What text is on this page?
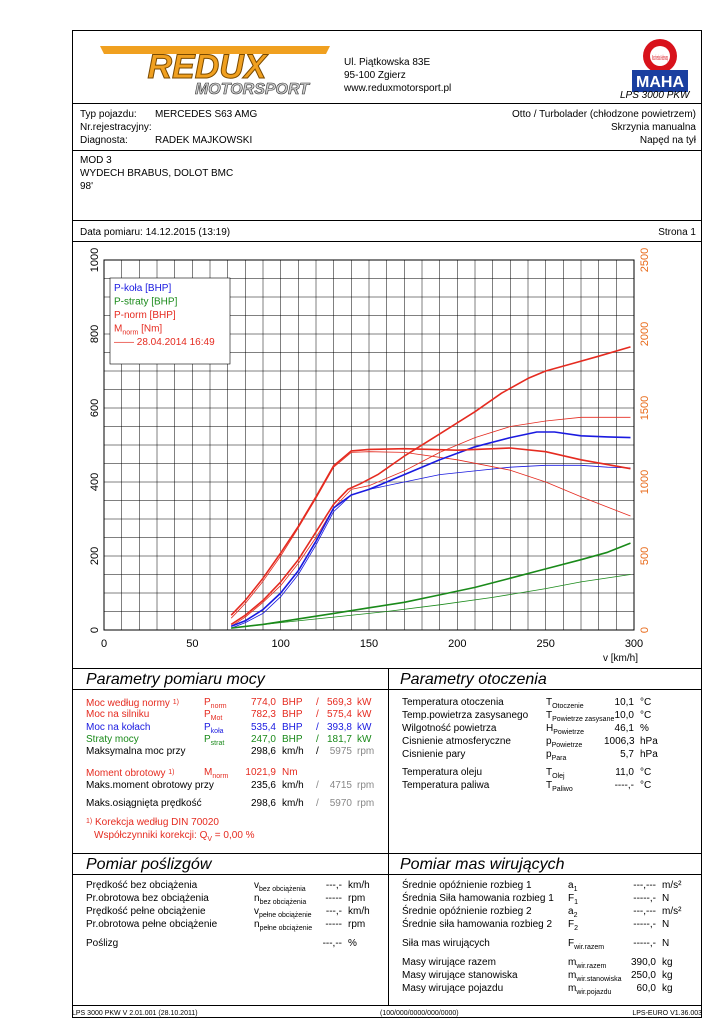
REDUX
MOTORSPORT
Ul. Piątkowska 83E
95-100 Zgierz
www.reduxmotorsport.pl
Maschinenbau Haldenwang
MAHA
LPS 3000 PKW
Typ pojazdu: MERCEDES S63 AMG
Nr.rejestracyjny:
Diagnosta:	RADEK MAJKOWSKI
Otto / Turbolader (chłodzone powietrzem)
Skrzynia manualna
Napęd na tył
MOD 3
WYDECH BRABUS, DOLOT BMC
98'
Data pomiaru: 14.12.2015 (13:19)	Strona 1
0	50	100	150	200	250	300
v [km/h]
0
200
400
600
800
1000
0
500
1000
1500
2000
2500
P-koła [BHP]
P-straty [BHP]
P-norm [BHP]
$M_{norm}$ [Nm]
—— 28.04.2014 16:49
Parametry pomiaru mocy	Parametry otoczenia
Moc według normy $^{1)}$	$P_{norm}$	774,0 BHP / 569,3 kW
Moc na silniku	$P_{Mot}$	782,3 BHP / 575,4 kW
Moc na kołach	$P_{koła}$	535,4 BHP / 393,8 kW
Straty mocy	$P_{strat}$	247,0 BHP / 181,7 kW
Maksymalna moc przy	298,6 km/h /	5975 rpm
Moment obrotowy $^{1)}$	$M_{norm}$	1021,9 Nm
Maks.moment obrotowy przy	235,6 km/h /	4715 rpm
Maks.osiągnięta prędkość	298,6 km/h /	5970 rpm
$^{1)}$ Korekcja według DIN 70020
Współczynniki korekcji: $Q_V = 0,00$ %
Temperatura otoczenia	$T_{Otoczenie}$	10,1 °C
Temp.powietrza zasysanego $T_{Powietrze zasysane}$ 10,0 °C
Wilgotność powietrza	$H_{Powietrze}$	46,1 %
Cisnienie atmosferyczne	$p_{Powietrze}$ 1006,3 hPa
Cisnienie pary	$p_{Para}$	5,7 hPa
Temperatura oleju	$T_{Olej}$	11,0 °C
Temperatura paliwa	$T_{Paliwo}$	----,- °C
Pomiar poślizgów	Pomiar mas wirujących
Prędkość bez obciążenia	$v_{bez obciążenia}$	---,- km/h
Pr.obrotowa bez obciążenia	$n_{bez obciążenia}$	----- rpm
Prędkość pełne obciążenie	$v_{pełne obciążenie}$	---,- km/h
Pr.obrotowa pełne obciążenie	$n_{pełne obciążenie}$	----- rpm
Poślizg	---,-- %
Średnie opóźnienie rozbieg 1	$a_1$	---,--- m/s²
Średnia Siła hamowania rozbieg 1 $F_1$	-----,- N
Średnie opóźnienie rozbieg 2	$a_2$	---,--- m/s²
Średnie siła hamowania rozbieg 2 $F_2$	-----,- N
Siła mas wirujących	$F_{wir.razem}$	-----,- N
Masy wirujące razem	$m_{wir.razem}$	390,0 kg
Masy wirujące stanowiska	$m_{wir.stanowiska}$ 250,0 kg
Masy wirujące pojazdu	$m_{wir.pojazdu}$	60,0 kg
LPS 3000 PKW V 2.01.001 (28.10.2011)	(100/000/0000/000/0000)	LPS-EURO V1.36.003
